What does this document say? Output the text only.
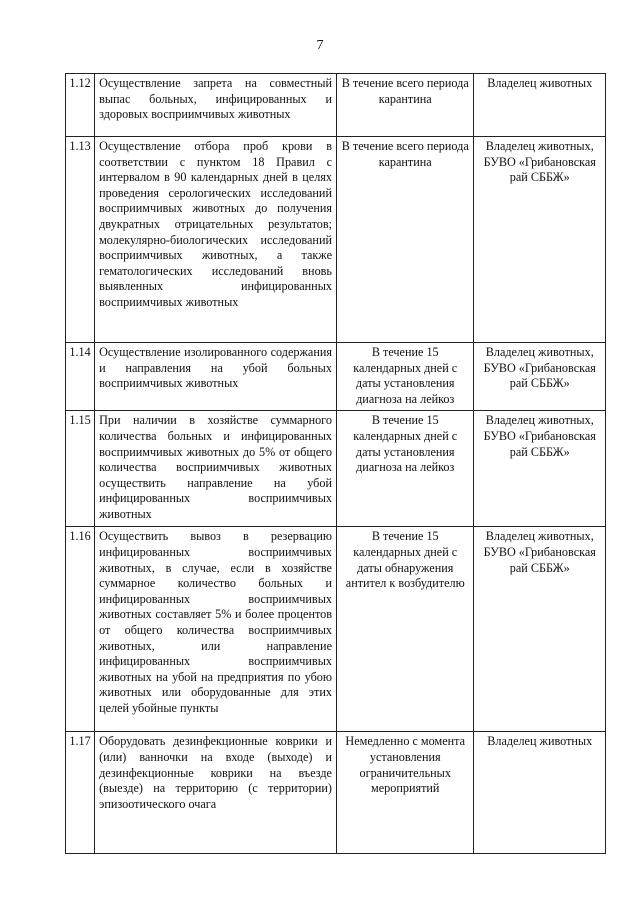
7
1.12	Осуществление запрета на совместный выпас больных, инфицированных и здоровых восприимчивых животных	В течение всего периода карантина	Владелец животных
1.13	Осуществление отбора проб крови в соответствии с пунктом 18 Правил с интервалом в 90 календарных дней в целях проведения серологических исследований восприимчивых животных до получения двукратных отрицательных результатов; молекулярно-биологических исследований восприимчивых животных, а также гематологических исследований вновь выявленных инфицированных восприимчивых животных	В течение всего периода карантина	Владелец животных, БУВО «Грибановская рай СББЖ»
1.14	Осуществление изолированного содержания и направления на убой больных восприимчивых животных	В течение 15 календарных дней с даты установления диагноза на лейкоз	Владелец животных, БУВО «Грибановская рай СББЖ»
1.15	При наличии в хозяйстве суммарного количества больных и инфицированных восприимчивых животных до 5% от общего количества восприимчивых животных осуществить направление на убой инфицированных восприимчивых животных	В течение 15 календарных дней с даты установления диагноза на лейкоз	Владелец животных, БУВО «Грибановская рай СББЖ»
1.16	Осуществить вывоз в резервацию инфицированных восприимчивых животных, в случае, если в хозяйстве суммарное количество больных и инфицированных восприимчивых животных составляет 5% и более процентов от общего количества восприимчивых животных, или направление инфицированных восприимчивых животных на убой на предприятия по убою животных или оборудованные для этих целей убойные пункты	В течение 15 календарных дней с даты обнаружения антител к возбудителю	Владелец животных, БУВО «Грибановская рай СББЖ»
1.17	Оборудовать дезинфекционные коврики и (или) ванночки на входе (выходе) и дезинфекционные коврики на въезде (выезде) на территорию (с территории) эпизоотического очага	Немедленно с момента установления ограничительных мероприятий	Владелец животных
